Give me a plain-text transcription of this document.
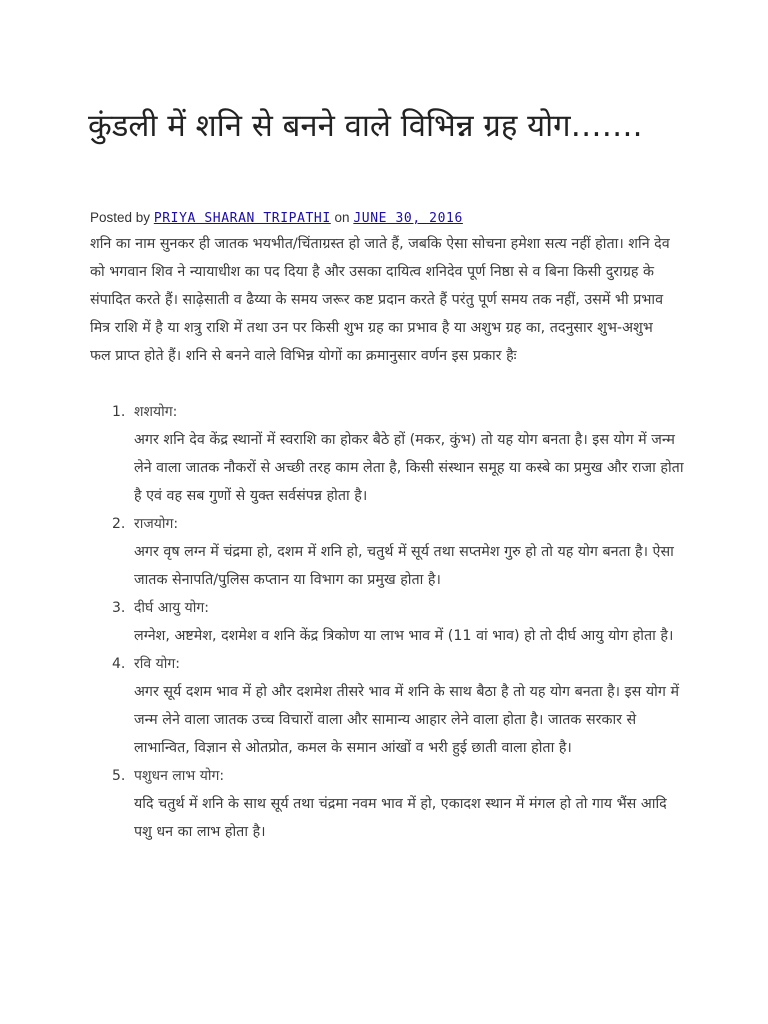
कुंडली में शनि से बनने वाले विभिन्न ग्रह योग…….
Posted by PRIYA SHARAN TRIPATHI on JUNE 30, 2016

शनि का नाम सुनकर ही जातक भयभीत/चिंताग्रस्त हो जाते हैं, जबकि ऐसा सोचना हमेशा सत्य नहीं होता। शनि देव को भगवान शिव ने न्यायाधीश का पद दिया है और उसका दायित्व शनिदेव पूर्ण निष्ठा से व बिना किसी दुराग्रह के संपादित करते हैं। साढ़ेसाती व ढैय्या के समय जरूर कष्ट प्रदान करते हैं परंतु पूर्ण समय तक नहीं, उसमें भी प्रभाव मित्र राशि में है या शत्रु राशि में तथा उन पर किसी शुभ ग्रह का प्रभाव है या अशुभ ग्रह का, तदनुसार शुभ-अशुभ फल प्राप्त होते हैं। शनि से बनने वाले विभिन्न योगों का क्रमानुसार वर्णन इस प्रकार हैः

1. शशयोग:
अगर शनि देव केंद्र स्थानों में स्वराशि का होकर बैठे हों (मकर, कुंभ) तो यह योग बनता है। इस योग में जन्म लेने वाला जातक नौकरों से अच्छी तरह काम लेता है, किसी संस्थान समूह या कस्बे का प्रमुख और राजा होता है एवं वह सब गुणों से युक्त सर्वसंपन्न होता है।
2. राजयोग:
अगर वृष लग्न में चंद्रमा हो, दशम में शनि हो, चतुर्थ में सूर्य तथा सप्तमेश गुरु हो तो यह योग बनता है। ऐसा जातक सेनापति/पुलिस कप्तान या विभाग का प्रमुख होता है।
3. दीर्घ आयु योग:
लग्नेश, अष्टमेश, दशमेश व शनि केंद्र त्रिकोण या लाभ भाव में (11 वां भाव) हो तो दीर्घ आयु योग होता है।
4. रवि योग:
अगर सूर्य दशम भाव में हो और दशमेश तीसरे भाव में शनि के साथ बैठा है तो यह योग बनता है। इस योग में जन्म लेने वाला जातक उच्च विचारों वाला और सामान्य आहार लेने वाला होता है। जातक सरकार से लाभान्वित, विज्ञान से ओतप्रोत, कमल के समान आंखों व भरी हुई छाती वाला होता है।
5. पशुधन लाभ योग:
यदि चतुर्थ में शनि के साथ सूर्य तथा चंद्रमा नवम भाव में हो, एकादश स्थान में मंगल हो तो गाय भैंस आदि पशु धन का लाभ होता है।
